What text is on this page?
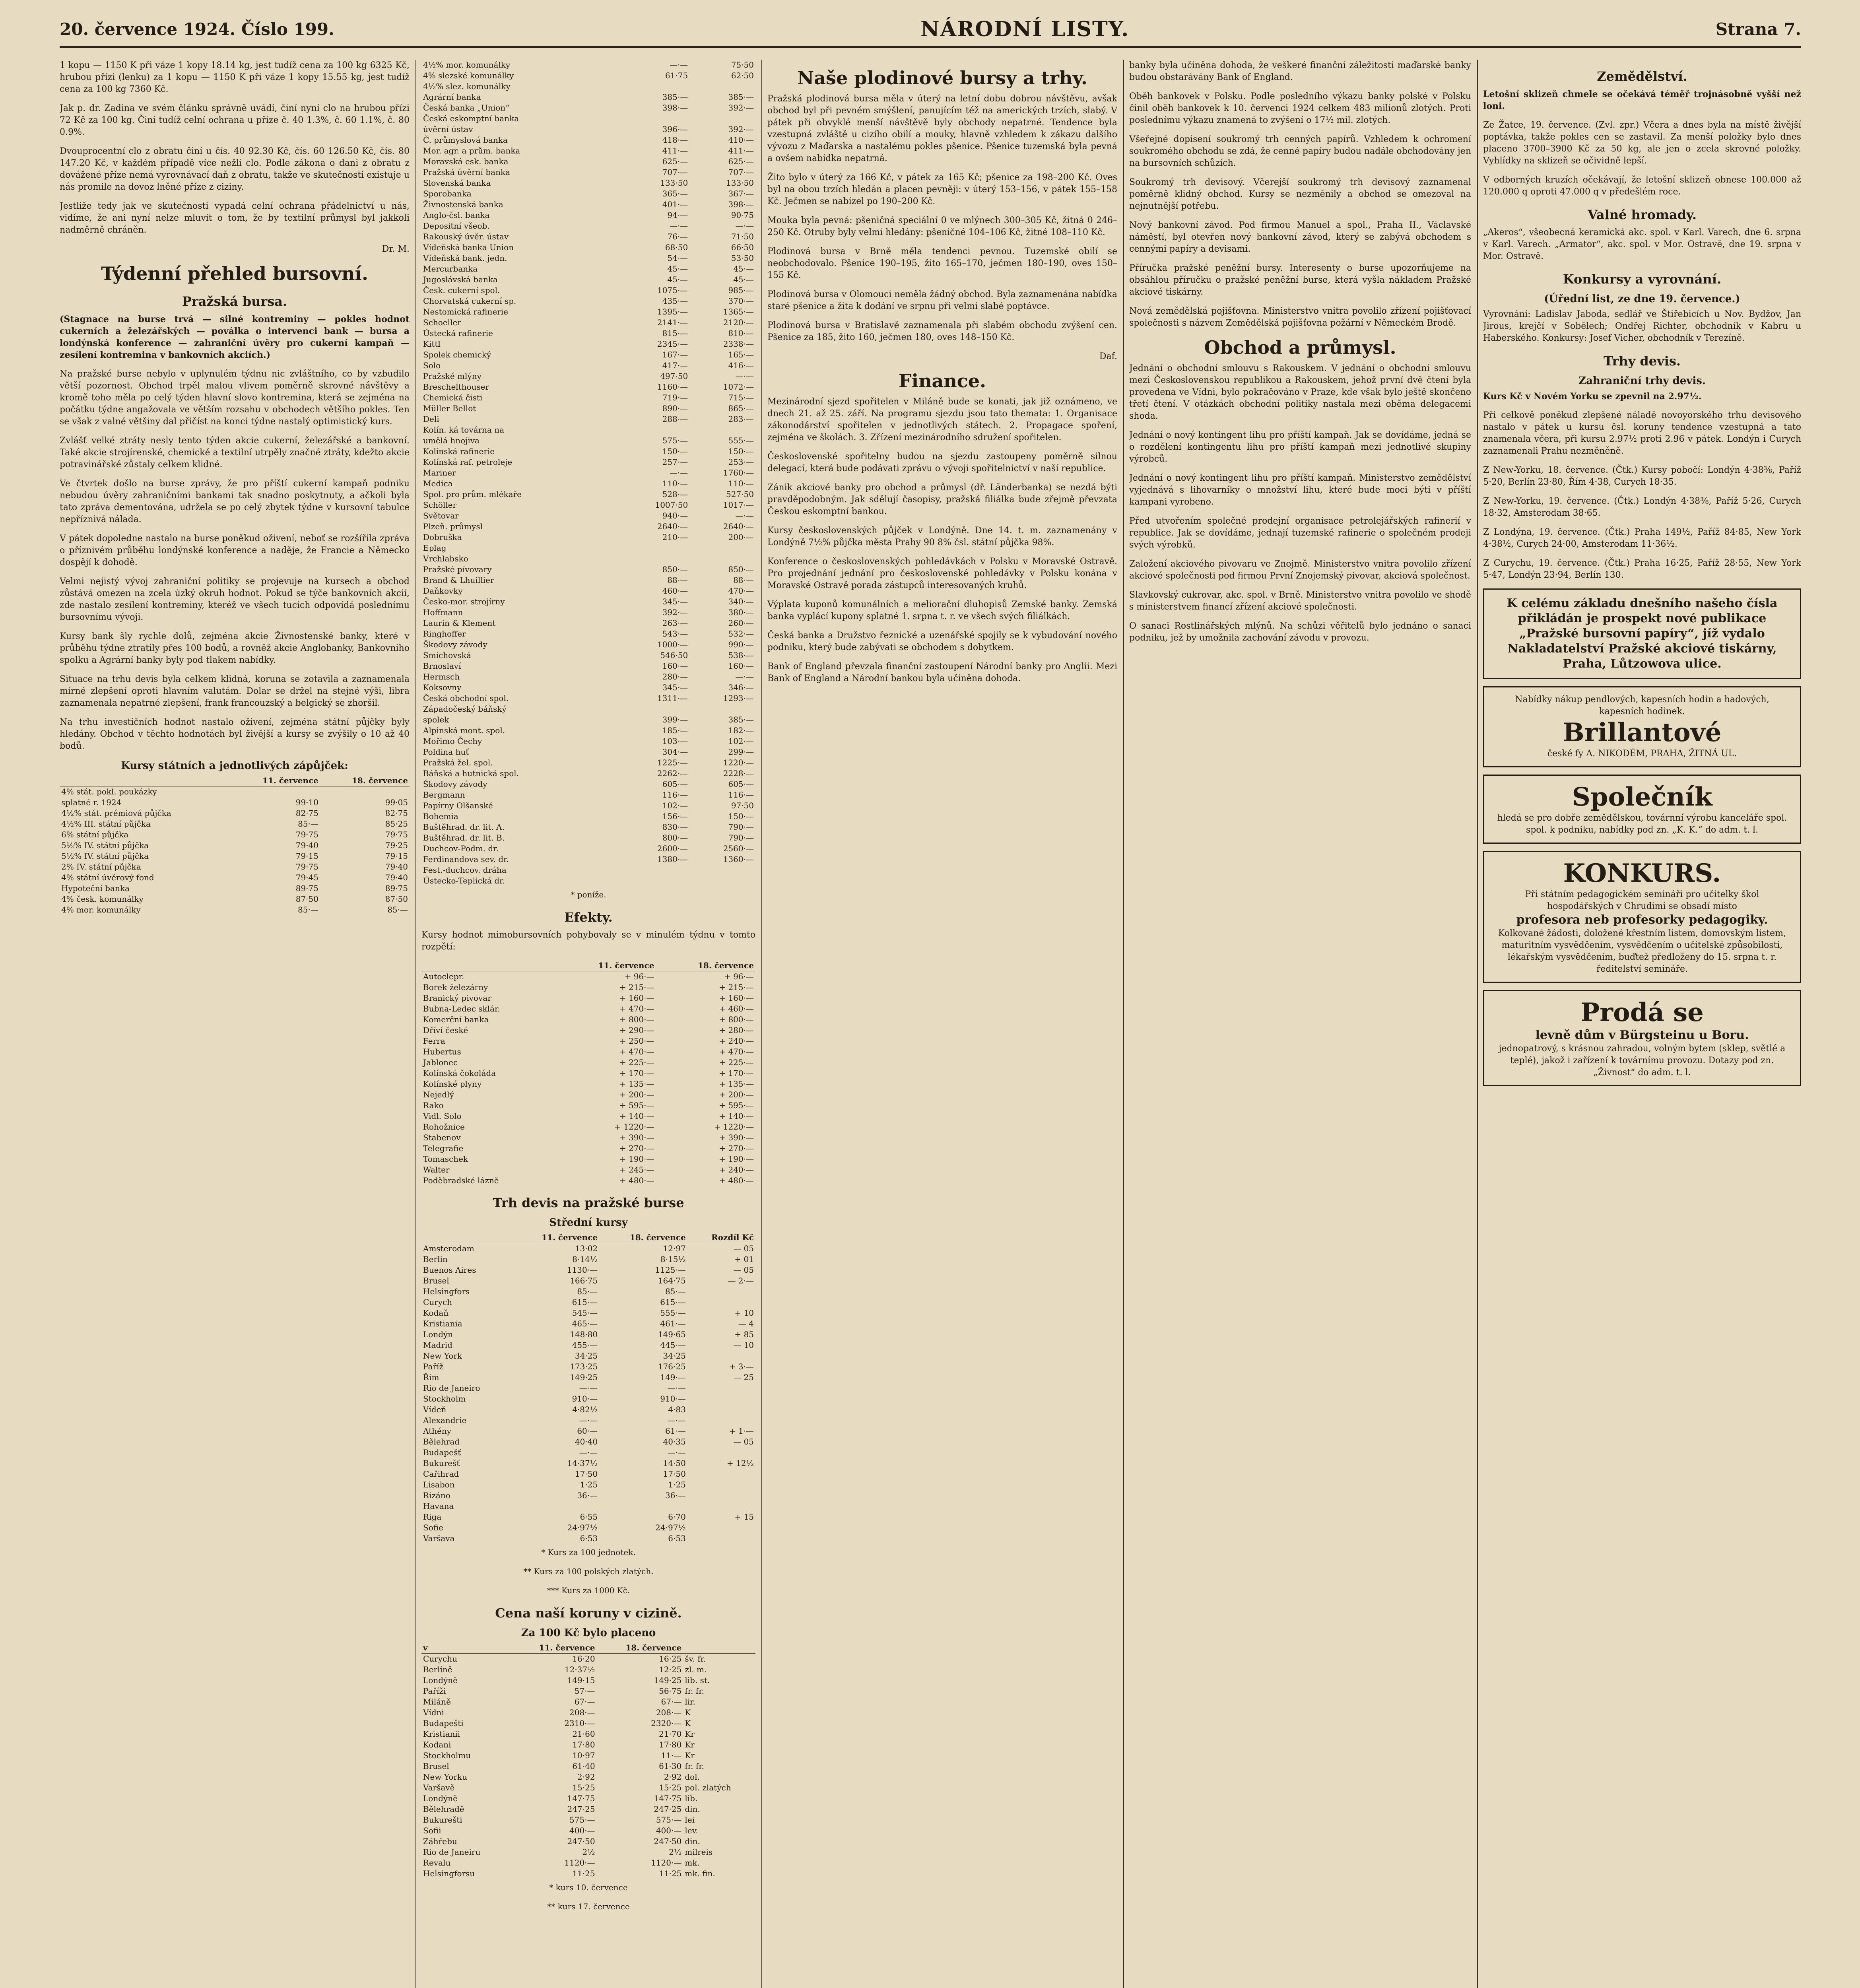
20. července 1924. Číslo 199.	NÁRODNÍ LISTY.	Strana 7.

1 kopu — 1150 K při váze 1 kopy 18.14 kg, jest tudíž cena za 100 kg 6325 Kč, hrubou přízi (lenku) za 1 kopu — 1150 K při váze 1 kopy 15.55 kg, jest tudíž cena za 100 kg 7360 Kč.

Jak p. dr. Zadina ve svém článku správně uvádí, činí nyní clo na hrubou přízi 72 Kč za 100 kg. Činí tudíž celní ochrana u příze č. 40 1.3%, č. 60 1.1%, č. 80 0.9%.

Dvouprocentní clo z obratu činí u čís. 40 92.30 Kč, čís. 60 126.50 Kč, čís. 80 147.20 Kč, v každém případě více nežli clo. Podle zákona o dani z obratu z dovážené příze nemá vyrovnávací daň z obratu, takže ve skutečnosti existuje u nás promile na dovoz lněné příze z ciziny.

Jestliže tedy jak ve skutečnosti vypadá celní ochrana přádelnictví u nás, vidíme, že ani nyní nelze mluvit o tom, že by textilní průmysl byl jakkoli nadměrně chráněn.

Dr. M.
Týdenní přehled bursovní.
Pražská bursa.

(Stagnace na burse trvá — silné kontreminy — pokles hodnot cukerních a železářských — poválka o intervenci bank — bursa a londýnská konference — zahraniční úvěry pro cukerní kampaň — zesílení kontremina v bankovních akciích.)

Na pražské burse nebylo v uplynulém týdnu nic zvláštního, co by vzbudilo větší pozornost. Obchod trpěl malou vlivem poměrně skrovné návštěvy a kromě toho měla po celý týden hlavní slovo kontremina, která se zejména na počátku týdne angažovala ve větším rozsahu v obchodech většího pokles. Ten se však z valné většiny dal přičíst na konci týdne nastalý optimistický kurs.

Zvlášť velké ztráty nesly tento týden akcie cukerní, železářské a bankovní. Také akcie strojírenské, chemické a textilní utrpěly značné ztráty, kdežto akcie potravinářské zůstaly celkem klidné.

Ve čtvrtek došlo na burse zprávy, že pro příští cukerní kampaň podniku nebudou úvěry zahraničními bankami tak snadno poskytnuty, a ačkoli byla tato zpráva dementována, udržela se po celý zbytek týdne v kursovní tabulce nepříznivá nálada.

V pátek dopoledne nastalo na burse poněkud oživení, neboť se rozšířila zpráva o příznivém průběhu londýnské konference a naděje, že Francie a Německo dospějí k dohodě.

Velmi nejistý vývoj zahraniční politiky se projevuje na kursech a obchod zůstává omezen na zcela úzký okruh hodnot. Pokud se týče bankovních akcií, zde nastalo zesílení kontreminy, kteréž ve všech tucich odpovídá poslednímu bursovnímu vývoji.

Kursy bank šly rychle dolů, zejména akcie Živnostenské banky, které v průběhu týdne ztratily přes 100 bodů, a rovněž akcie Anglobanky, Bankovního spolku a Agrární banky byly pod tlakem nabídky.

Situace na trhu devis byla celkem klidná, koruna se zotavila a zaznamenala mírné zlepšení oproti hlavním valutám. Dolar se držel na stejné výši, libra zaznamenala nepatrné zlepšení, frank francouzský a belgický se zhoršil.

Na trhu investičních hodnot nastalo oživení, zejména státní půjčky byly hledány. Obchod v těchto hodnotách byl živější a kursy se zvýšily o 10 až 40 bodů.

Kursy státních a jednotlivých zápůjček:
	11. července	18. července
4% stát. pokl. poukázky		
splatné r. 1924	99·10	99·05
4½% stát. prémiová půjčka	82·75	82·75
4½% III. státní půjčka	85·—	85·25
6% státní půjčka	79·75	79·75
5½% IV. státní půjčka	79·40	79·25
5½% IV. státní půjčka	79·15	79·15
2% IV. státní půjčka	79·75	79·40
4% státní úvěrový fond	79·45	79·40
Hypoteční banka	89·75	89·75
4% česk. komunálky	87·50	87·50
4% mor. komunálky	85·—	85·—
4½% mor. komunálky	—·—	75·50
4% slezské komunálky	61·75	62·50
4½% slez. komunálky		
Agrární banka	385·—	385·—
Česká banka „Union“	398·—	392·—
Česká eskomptní banka		
úvěrní ústav	396·—	392·—
Č. průmyslová banka	418·—	410·—
Mor. agr. a prům. banka	411·—	411·—
Moravská esk. banka	625·—	625·—
Pražská úvěrní banka	707·—	707·—
Slovenská banka	133·50	133·50
Sporobanka	365·—	367·—
Živnostenská banka	401·—	398·—
Anglo-čsl. banka	94·—	90·75
Depositní všeob.	—·—	—·—
Rakouský úvěr. ústav	76·—	71·50
Vídeňská banka Union	68·50	66·50
Vídeňská bank. jedn.	54·—	53·50
Mercurbanka	45·—	45·—
Jugoslávská banka	45·—	45·—
Česk. cukerní spol.	1075·—	985·—
Chorvatská cukerní sp.	435·—	370·—
Nestomická rafinerie	1395·—	1365·—
Schoeller	2141·—	2120·—
Ústecká rafinerie	815·—	810·—
Kittl	2345·—	2338·—
Spolek chemický	167·—	165·—
Solo	417·—	416·—
Pražské mlýny	497·50	—·—
Breschelthouser	1160·—	1072·—
Chemická čisti	719·—	715·—
Müller Bellot	890·—	865·—
Deli	288·—	283·—
Kolín. ká továrna na		
umělá hnojiva	575·—	555·—
Kolínská rafinerie	150·—	150·—
Kolínská raf. petroleje	257·—	253·—
Mariner	—·—	1760·—
Medica	110·—	110·—
Spol. pro prům. mlékaře	528·—	527·50
Schöller	1007·50	1017·—
Světovar	940·—	—·—
Plzeň. průmysl	2640·—	2640·—
Dobruška	210·—	200·—
Eplag		
Vrchlabsko		
Pražské pívovary	850·—	850·—
Brand & Lhuillier	88·—	88·—
Daňkovky	460·—	470·—
Česko-mor. strojírny	345·—	340·—
Hoffmann	392·—	380·—
Laurin & Klement	263·—	260·—
Ringhoffer	543·—	532·—
Škodovy závody	1000·—	990·—
Smíchovská	546·50	538·—
Brnoslaví	160·—	160·—
Hermsch	280·—	—·—
Koksovny	345·—	346·—
Česká obchodní spol.	1311·—	1293·—
Západočeský báňský		
spolek	399·—	385·—
Alpinská mont. spol.	185·—	182·—
Mořimo Čechy	103·—	102·—
Poldina huť	304·—	299·—
Pražská žel. spol.	1225·—	1220·—
Báňská a hutnická spol.	2262·—	2228·—
Škodovy závody	605·—	605·—
Bergmann	116·—	116·—
Papírny Olšanské	102·—	97·50
Bohemia	156·—	150·—
Buštěhrad. dr. lit. A.	830·—	790·—
Buštěhrad. dr. lit. B.	800·—	790·—
Duchcov-Podm. dr.	2600·—	2560·—
Ferdinandova sev. dr.	1380·—	1360·—
Fest.-duchcov. dráha		
Ústecko-Teplická dr.		
* poníže.
Efekty.

Kursy hodnot mimobursovních pohybovaly se v minulém týdnu v tomto rozpětí:

	11. července	18. července
Autoclepr.	+ 96·—	+ 96·—
Borek železárny	+ 215·—	+ 215·—
Branický pivovar	+ 160·—	+ 160·—
Bubna-Ledec sklár.	+ 470·—	+ 460·—
Komerční banka	+ 800·—	+ 800·—
Dříví české	+ 290·—	+ 280·—
Ferra	+ 250·—	+ 240·—
Hubertus	+ 470·—	+ 470·—
Jablonec	+ 225·—	+ 225·—
Kolínská čokoláda	+ 170·—	+ 170·—
Kolínské plyny	+ 135·—	+ 135·—
Nejedlý	+ 200·—	+ 200·—
Rako	+ 595·—	+ 595·—
Vidl. Solo	+ 140·—	+ 140·—
Rohožnice	+ 1220·—	+ 1220·—
Stabenov	+ 390·—	+ 390·—
Telegrafie	+ 270·—	+ 270·—
Tomaschek	+ 190·—	+ 190·—
Walter	+ 245·—	+ 240·—
Poděbradské lázně	+ 480·—	+ 480·—
Trh devis na pražské burse
Střední kursy
	11. července	18. července	Rozdíl Kč
Amsterodam	13·02	12·97	— 05
Berlin	8·14½	8·15½	+ 01
Buenos Aires	1130·—	1125·—	— 05
Brusel	166·75	164·75	— 2·—
Helsingfors	85·—	85·—	
Curych	615·—	615·—	
Kodaň	545·—	555·—	+ 10
Kristiania	465·—	461·—	— 4
Londýn	148·80	149·65	+ 85
Madrid	455·—	445·—	— 10
New York	34·25	34·25	
Paříž	173·25	176·25	+ 3·—
Řím	149·25	149·—	— 25
Rio de Janeiro	—·—	—·—	
Stockholm	910·—	910·—	
Vídeň	4·82½	4·83	
Alexandrie	—·—	—·—	
Athény	60·—	61·—	+ 1·—
Bělehrad	40·40	40·35	— 05
Budapešť	—·—	—·—	
Bukurešť	14·37½	14·50	+ 12½
Cařihrad	17·50	17·50	
Lisabon	1·25	1·25	
Rizáno	36·—	36·—	
Havana			
Riga	6·55	6·70	+ 15
Sofie	24·97½	24·97½	
Varšava	6·53	6·53	
* Kurs za 100 jednotek.
** Kurs za 100 polských zlatých.
*** Kurs za 1000 Kč.
Cena naší koruny v cizině.
Za 100 Kč bylo placeno
v	11. července	18. července	
Curychu	16·20	16·25	šv. fr.
Berlíně	12·37½	12·25	zl. m.
Londýně	149·15	149·25	lib. st.
Paříži	57·—	56·75	fr. fr.
Miláně	67·—	67·—	lir.
Vídni	208·—	208·—	K
Budapešti	2310·—	2320·—	K
Kristianii	21·60	21·70	Kr
Kodani	17·80	17·80	Kr
Stockholmu	10·97	11·—	Kr
Brusel	61·40	61·30	fr. fr.
New Yorku	2·92	2·92	dol.
Varšavě	15·25	15·25	pol. zlatých
Londýně	147·75	147·75	lib.
Bělehradě	247·25	247·25	din.
Bukurešti	575·—	575·—	lei
Sofii	400·—	400·—	lev.
Záhřebu	247·50	247·50	din.
Rio de Janeiru	2½	2½	milreis
Revalu	1120·—	1120·—	mk.
Helsingforsu	11·25	11·25	mk. fin.
* kurs 10. července
** kurs 17. července
Naše plodinové bursy a trhy.

Pražská plodinová bursa měla v úterý na letní dobu dobrou návštěvu, avšak obchod byl při pevném smýšlení, panujícím též na amerických trzích, slabý. V pátek při obvyklé menší návštěvě byly obchody nepatrné. Tendence byla vzestupná zvláště u cizího obilí a mouky, hlavně vzhledem k zákazu dalšího vývozu z Maďarska a nastalému pokles pšenice. Pšenice tuzemská byla pevná a ovšem nabídka nepatrná.

Žito bylo v úterý za 166 Kč, v pátek za 165 Kč; pšenice za 198–200 Kč. Oves byl na obou trzích hledán a placen pevněji: v úterý 153–156, v pátek 155–158 Kč. Ječmen se nabízel po 190–200 Kč.

Mouka byla pevná: pšeničná speciální 0 ve mlýnech 300–305 Kč, žitná 0 246–250 Kč. Otruby byly velmi hledány: pšeničné 104–106 Kč, žitné 108–110 Kč.

Plodinová bursa v Brně měla tendenci pevnou. Tuzemské obilí se neobchodovalo. Pšenice 190–195, žito 165–170, ječmen 180–190, oves 150–155 Kč.

Plodinová bursa v Olomouci neměla žádný obchod. Byla zaznamenána nabídka staré pšenice a žita k dodání ve srpnu při velmi slabé poptávce.

Plodinová bursa v Bratislavě zaznamenala při slabém obchodu zvýšení cen. Pšenice za 185, žito 160, ječmen 180, oves 148–150 Kč.

Daf.
Finance.

Mezinárodní sjezd spořitelen v Miláně bude se konati, jak již oznámeno, ve dnech 21. až 25. září. Na programu sjezdu jsou tato themata: 1. Organisace zákonodárství spořitelen v jednotlivých státech. 2. Propagace spoření, zejména ve školách. 3. Zřízení mezinárodního sdružení spořitelen.

Československé spořitelny budou na sjezdu zastoupeny poměrně silnou delegací, která bude podávati zprávu o vývoji spořitelnictví v naší republice.

Zánik akciové banky pro obchod a průmysl (dř. Länderbanka) se nezdá býti pravděpodobným. Jak sdělují časopisy, pražská filiálka bude zřejmě převzata Českou eskomptní bankou.

Kursy československých půjček v Londýně. Dne 14. t. m. zaznamenány v Londýně 7½% půjčka města Prahy 90 8% čsl. státní půjčka 98%.

Konference o československých pohledávkách v Polsku v Moravské Ostravě. Pro projednání jednání pro československé pohledávky v Polsku konána v Moravské Ostravě porada zástupců interesovaných kruhů.

Výplata kuponů komunálních a meliorační dluhopisů Zemské banky. Zemská banka vyplácí kupony splatné 1. srpna t. r. ve všech svých filiálkách.

Česká banka a Družstvo řeznické a uzenářské spojily se k vybudování nového podniku, který bude zabývati se obchodem s dobytkem.

Bank of England převzala finanční zastoupení Národní banky pro Anglii. Mezi Bank of England a Národní bankou byla učiněna dohoda.

banky byla učiněna dohoda, že veškeré finanční záležitosti maďarské banky budou obstarávány Bank of England.

Oběh bankovek v Polsku. Podle posledního výkazu banky polské v Polsku činil oběh bankovek k 10. červenci 1924 celkem 483 milionů zlotých. Proti poslednímu výkazu znamená to zvýšení o 17½ mil. zlotých.

Všeřejné dopisení soukromý trh cenných papírů. Vzhledem k ochromení soukromého obchodu se zdá, že cenné papíry budou nadále obchodovány jen na bursovních schůzích.

Soukromý trh devisový. Včerejší soukromý trh devisový zaznamenal poměrně klidný obchod. Kursy se nezměnily a obchod se omezoval na nejnutnější potřebu.

Nový bankovní závod. Pod firmou Manuel a spol., Praha II., Václavské náměstí, byl otevřen nový bankovní závod, který se zabývá obchodem s cennými papíry a devisami.

Příručka pražské peněžní bursy. Interesenty o burse upozorňujeme na obsáhlou příručku o pražské peněžní burse, která vyšla nákladem Pražské akciové tiskárny.

Nová zemědělská pojišťovna. Ministerstvo vnitra povolilo zřízení pojišťovací společnosti s názvem Zemědělská pojišťovna požární v Německém Brodě.

Obchod a průmysl.

Jednání o obchodní smlouvu s Rakouskem. V jednání o obchodní smlouvu mezi Československou republikou a Rakouskem, jehož první dvě čtení byla provedena ve Vídni, bylo pokračováno v Praze, kde však bylo ještě skončeno třetí čtení. V otázkách obchodní politiky nastala mezi oběma delegacemi shoda.

Jednání o nový kontingent lihu pro příští kampaň. Jak se dovídáme, jedná se o rozdělení kontingentu lihu pro příští kampaň mezi jednotlivé skupiny výrobců.

Jednání o nový kontingent lihu pro příští kampaň. Ministerstvo zemědělství vyjednává s lihovarníky o množství lihu, které bude moci býti v příští kampani vyrobeno.

Před utvořením společné prodejní organisace petrolejářských rafinerií v republice. Jak se dovídáme, jednají tuzemské rafinerie o společném prodeji svých výrobků.

Založení akciového pivovaru ve Znojmě. Ministerstvo vnitra povolilo zřízení akciové společnosti pod firmou První Znojemský pivovar, akciová společnost.

Slavkovský cukrovar, akc. spol. v Brně. Ministerstvo vnitra povolilo ve shodě s ministerstvem financí zřízení akciové společnosti.

O sanaci Rostlinářských mlýnů. Na schůzi věřitelů bylo jednáno o sanaci podniku, jež by umožnila zachování závodu v provozu.

Zemědělství.

Letošní sklizeň chmele se očekává téměř trojnásobně vyšší než loni.

Ze Žatce, 19. července. (Zvl. zpr.) Včera a dnes byla na místě živější poptávka, takže pokles cen se zastavil. Za menší položky bylo dnes placeno 3700–3900 Kč za 50 kg, ale jen o zcela skrovné položky. Vyhlídky na sklizeň se očividně lepší.

V odborných kruzích očekávají, že letošní sklizeň obnese 100.000 až 120.000 q oproti 47.000 q v předešlém roce.

Valné hromady.

„Akeros“, všeobecná keramická akc. spol. v Karl. Varech, dne 6. srpna v Karl. Varech. „Armator“, akc. spol. v Mor. Ostravě, dne 19. srpna v Mor. Ostravě.

Konkursy a vyrovnání.
(Úřední list, ze dne 19. července.)

Vyrovnání: Ladislav Jaboda, sedlář ve Štiřebicích u Nov. Bydžov, Jan Jirous, krejčí v Sobělech; Ondřej Richter, obchodník v Kabru u Haberského. Konkursy: Josef Vicher, obchodník v Terezíně.

Trhy devis.
Zahraniční trhy devis.

Kurs Kč v Novém Yorku se zpevnil na 2.97½.

Při celkově poněkud zlepšené náladě novoyorského trhu devisového nastalo v pátek u kursu čsl. koruny tendence vzestupná a tato znamenala včera, při kursu 2.97½ proti 2.96 v pátek. Londýn i Curych zaznamenali Prahu nezměněně.

Z New-Yorku, 18. července. (Čtk.) Kursy pobočí: Londýn 4·38⅜, Paříž 5·20, Berlín 23·80, Řím 4·38, Curych 18·35.

Z New-Yorku, 19. července. (Čtk.) Londýn 4·38⅜, Paříž 5·26, Curych 18·32, Amsterodam 38·65.

Z Londýna, 19. července. (Čtk.) Praha 149½, Paříž 84·85, New York 4·38½, Curych 24·00, Amsterodam 11·36½.

Z Curychu, 19. července. (Čtk.) Praha 16·25, Paříž 28·55, New York 5·47, Londýn 23·94, Berlín 130.

K celému základu dnešního našeho čísla přikládán je prospekt nové publikace
„Pražské bursovní papíry“, jíž vydalo Nakladatelství Pražské akciové tiskárny, Praha, Lůtzowova ulice.
Nabídky nákup pendlových, kapesních hodin a hadových, kapesních hodinek.
Brillantové
české fy A. NIKODÉM, PRAHA, ŽITNÁ UL.
Společník
hledá se pro dobře zemědělskou, továrnní výrobu kanceláře spol. spol. k podniku, nabídky pod zn. „K. K.“ do adm. t. l.
KONKURS.
Při státním pedagogickém semináři pro učitelky škol hospodářských v Chrudimi se obsadí místo
profesora neb profesorky pedagogiky.
Kolkované žádosti, doložené křestním listem, domovským listem, maturitním vysvědčením, vysvědčením o učitelské způsobilosti, lékařským vysvědčením, buďtež předloženy do 15. srpna t. r. ředitelství semináře.
Prodá se
levně dům v Bürgsteinu u Boru.
jednopatrový, s krásnou zahradou, volným bytem (sklep, světlé a teplé), jakož i zařízení k továrnímu provozu. Dotazy pod zn. „Živnost“ do adm. t. l.
